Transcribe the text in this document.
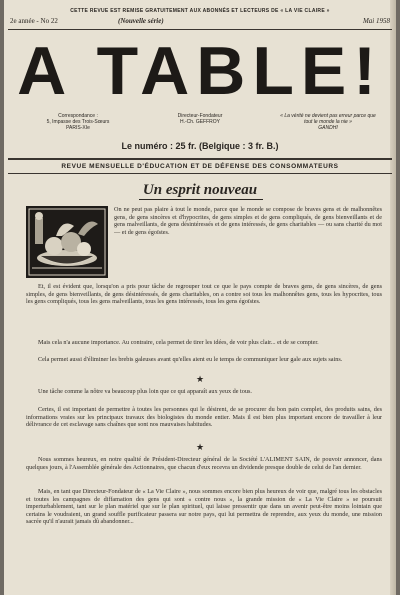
CETTE REVUE EST REMISE GRATUITEMENT AUX ABONNÉS ET LECTEURS DE « LA VIE CLAIRE »
2e année - No 22	(Nouvelle série)	Mai 1958
A TABLE!
Correspondance :
5, Impasse des Trois-Sœurs
PARIS-XIe
Directeur-Fondateur
H.-Ch. GEFFROY
« La vérité ne devient pas erreur parce que tout le monde la nie »
GANDHI
Le numéro : 25 fr. (Belgique : 3 fr. B.)
REVUE MENSUELLE D'ÉDUCATION ET DE DÉFENSE DES CONSOMMATEURS
Un esprit nouveau

On ne peut pas plaire à tout le monde, parce que le monde se compose de braves gens et de malhonnêtes gens, de gens sincères et d'hypocrites, de gens simples et de gens compliqués, de gens bienveillants et de gens malveillants, de gens désintéressés et de gens intéressés, de gens charitables — ou sans charité du mot — et de gens égoïstes.

Et, il est évident que, lorsqu'on a pris pour tâche de regrouper tout ce que le pays compte de braves gens, de gens sincères, de gens simples, de gens bienveillants, de gens désintéressés, de gens charitables, on a contre soi tous les malhonnêtes gens, tous les hypocrites, tous les gens compliqués, tous les gens malveillants, tous les gens intéressés, tous les gens égoïstes.

Mais cela n'a aucune importance. Au contraire, cela permet de tirer les idées, de voir plus clair... et de se compter.

Cela permet aussi d'éliminer les brebis galeuses avant qu'elles aient eu le temps de communiquer leur gale aux sujets sains.

★

Une tâche comme la nôtre va beaucoup plus loin que ce qui apparaît aux yeux de tous.

Certes, il est important de permettre à toutes les personnes qui le désirent, de se procurer du bon pain complet, des produits sains, des informations vraies sur les principaux travaux des biologistes du monde entier. Mais il est bien plus important encore de travailler à leur délivrance de cet esclavage sans chaînes que sont nos mauvaises habitudes.

★

Nous sommes heureux, en notre qualité de Président-Directeur général de la Société L'ALIMENT SAIN, de pouvoir annoncer, dans quelques jours, à l'Assemblée générale des Actionnaires, que chacun d'eux recevra un dividende presque double de celui de l'an dernier.

Mais, en tant que Directeur-Fondateur de « La Vie Claire », nous sommes encore bien plus heureux de voir que, malgré tous les obstacles et toutes les campagnes de diffamation des gens qui sont « contre nous », la grande mission de « La Vie Claire » se poursuit imperturbablement, tant sur le plan matériel que sur le plan spirituel, qui laisse pressentir que dans un avenir peut-être moins lointain que certains le voudraient, un grand souffle purificateur passera sur notre pays, qui lui permettra de reprendre, aux yeux du monde, une mission sacrée qu'il n'aurait jamais dû abandonner...
